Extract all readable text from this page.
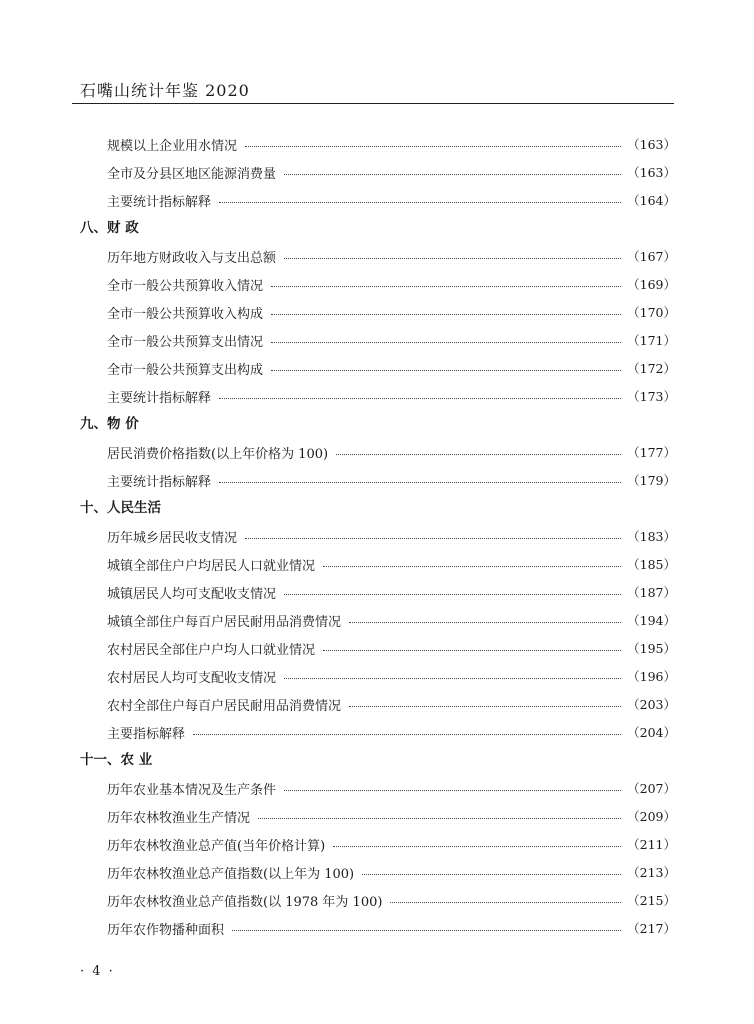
石嘴山统计年鉴 2020
规模以上企业用水情况	（163）
全市及分县区地区能源消费量	（163）
主要统计指标解释	（164）
八、财 政
历年地方财政收入与支出总额	（167）
全市一般公共预算收入情况	（169）
全市一般公共预算收入构成	（170）
全市一般公共预算支出情况	（171）
全市一般公共预算支出构成	（172）
主要统计指标解释	（173）
九、物 价
居民消费价格指数(以上年价格为 100)	（177）
主要统计指标解释	（179）
十、人民生活
历年城乡居民收支情况	（183）
城镇全部住户户均居民人口就业情况	（185）
城镇居民人均可支配收支情况	（187）
城镇全部住户每百户居民耐用品消费情况	（194）
农村居民全部住户户均人口就业情况	（195）
农村居民人均可支配收支情况	（196）
农村全部住户每百户居民耐用品消费情况	（203）
主要指标解释	（204）
十一、农 业
历年农业基本情况及生产条件	（207）
历年农林牧渔业生产情况	（209）
历年农林牧渔业总产值(当年价格计算)	（211）
历年农林牧渔业总产值指数(以上年为 100)	（213）
历年农林牧渔业总产值指数(以 1978 年为 100)	（215）
历年农作物播种面积	（217）
· 4 ·
